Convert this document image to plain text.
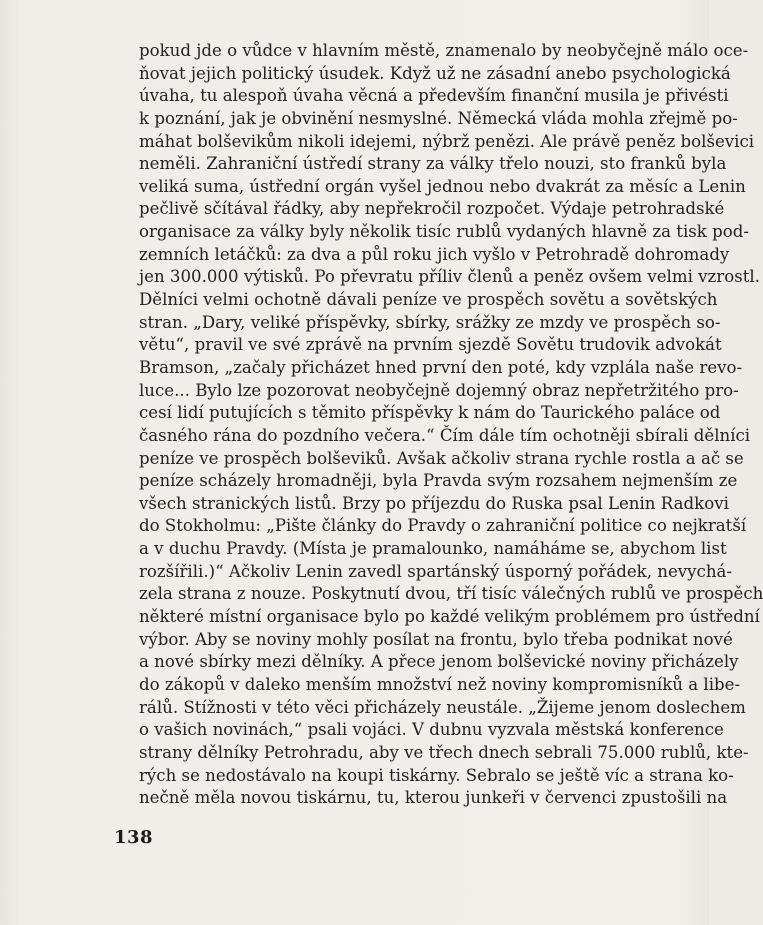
pokud jde o vůdce v hlavním městě, znamenalo by neobyčejně málo oce-
ňovat jejich politický úsudek. Když už ne zásadní anebo psychologická
úvaha, tu alespoň úvaha věcná a především finanční musila je přivésti
k poznání, jak je obvinění nesmyslné. Německá vláda mohla zřejmě po-
máhat bolševikům nikoli idejemi, nýbrž penězi. Ale právě peněz bolševici
neměli. Zahraniční ústředí strany za války třelo nouzi, sto franků byla
veliká suma, ústřední orgán vyšel jednou nebo dvakrát za měsíc a Lenin
pečlivě sčítával řádky, aby nepřekročil rozpočet. Výdaje petrohradské
organisace za války byly několik tisíc rublů vydaných hlavně za tisk pod-
zemních letáčků: za dva a půl roku jich vyšlo v Petrohradě dohromady
jen 300.000 výtisků. Po převratu příliv členů a peněz ovšem velmi vzrostl.
Dělníci velmi ochotně dávali peníze ve prospěch sovětu a sovětských
stran. „Dary, veliké příspěvky, sbírky, srážky ze mzdy ve prospěch so-
větu“, pravil ve své zprávě na prvním sjezdě Sovětu trudovik advokát
Bramson, „začaly přicházet hned první den poté, kdy vzplála naše revo-
luce... Bylo lze pozorovat neobyčejně dojemný obraz nepřetržitého pro-
cesí lidí putujících s těmito příspěvky k nám do Taurického paláce od
časného rána do pozdního večera.“ Čím dále tím ochotněji sbírali dělníci
peníze ve prospěch bolševiků. Avšak ačkoliv strana rychle rostla a ač se
peníze scházely hromadněji, byla Pravda svým rozsahem nejmenším ze
všech stranických listů. Brzy po příjezdu do Ruska psal Lenin Radkovi
do Stokholmu: „Pište články do Pravdy o zahraniční politice co nejkratší
a v duchu Pravdy. (Místa je pramalounko, namáháme se, abychom list
rozšířili.)“ Ačkoliv Lenin zavedl spartánský úsporný pořádek, nevychá-
zela strana z nouze. Poskytnutí dvou, tří tisíc válečných rublů ve prospěch
některé místní organisace bylo po každé velikým problémem pro ústřední
výbor. Aby se noviny mohly posílat na frontu, bylo třeba podnikat nové
a nové sbírky mezi dělníky. A přece jenom bolševické noviny přicházely
do zákopů v daleko menším množství než noviny kompromisníků a libe-
rálů. Stížnosti v této věci přicházely neustále. „Žijeme jenom doslechem
o vašich novinách,“ psali vojáci. V dubnu vyzvala městská konference
strany dělníky Petrohradu, aby ve třech dnech sebrali 75.000 rublů, kte-
rých se nedostávalo na koupi tiskárny. Sebralo se ještě víc a strana ko-
nečně měla novou tiskárnu, tu, kterou junkeři v červenci zpustošili na
138
